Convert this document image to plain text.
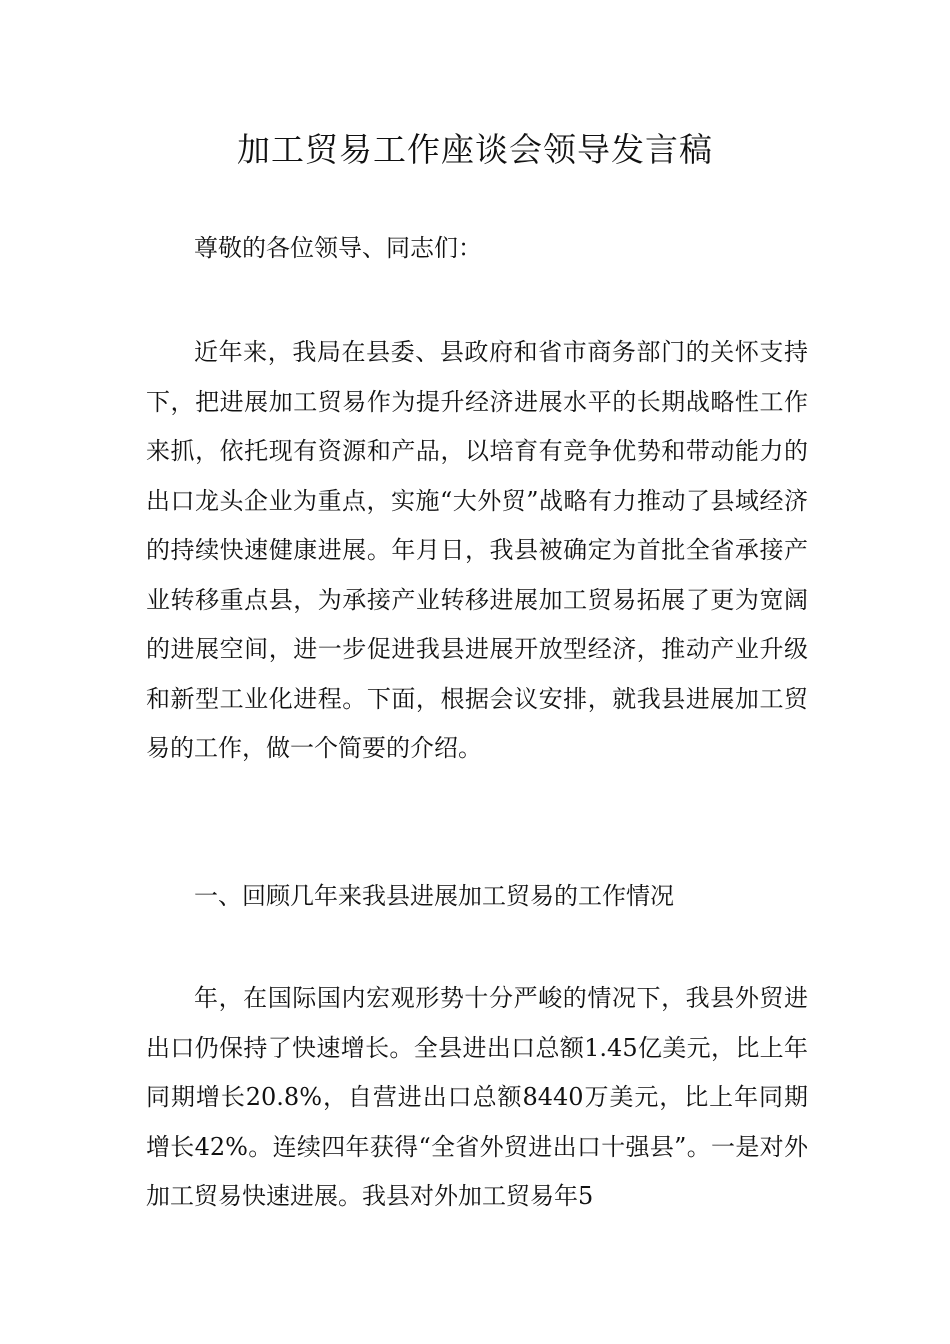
加工贸易工作座谈会领导发言稿

尊敬的各位领导、同志们：

近年来，我局在县委、县政府和省市商务部门的关怀支持下，把进展加工贸易作为提升经济进展水平的长期战略性工作来抓，依托现有资源和产品，以培育有竞争优势和带动能力的出口龙头企业为重点，实施“大外贸”战略有力推动了县域经济的持续快速健康进展。年月日，我县被确定为首批全省承接产业转移重点县，为承接产业转移进展加工贸易拓展了更为宽阔的进展空间，进一步促进我县进展开放型经济，推动产业升级和新型工业化进程。下面，根据会议安排，就我县进展加工贸易的工作，做一个简要的介绍。

一、回顾几年来我县进展加工贸易的工作情况

年，在国际国内宏观形势十分严峻的情况下，我县外贸进出口仍保持了快速增长。全县进出口总额1.45亿美元，比上年同期增长20.8%，自营进出口总额8440万美元，比上年同期增长42%。连续四年获得“全省外贸进出口十强县”。一是对外加工贸易快速进展。我县对外加工贸易年5
